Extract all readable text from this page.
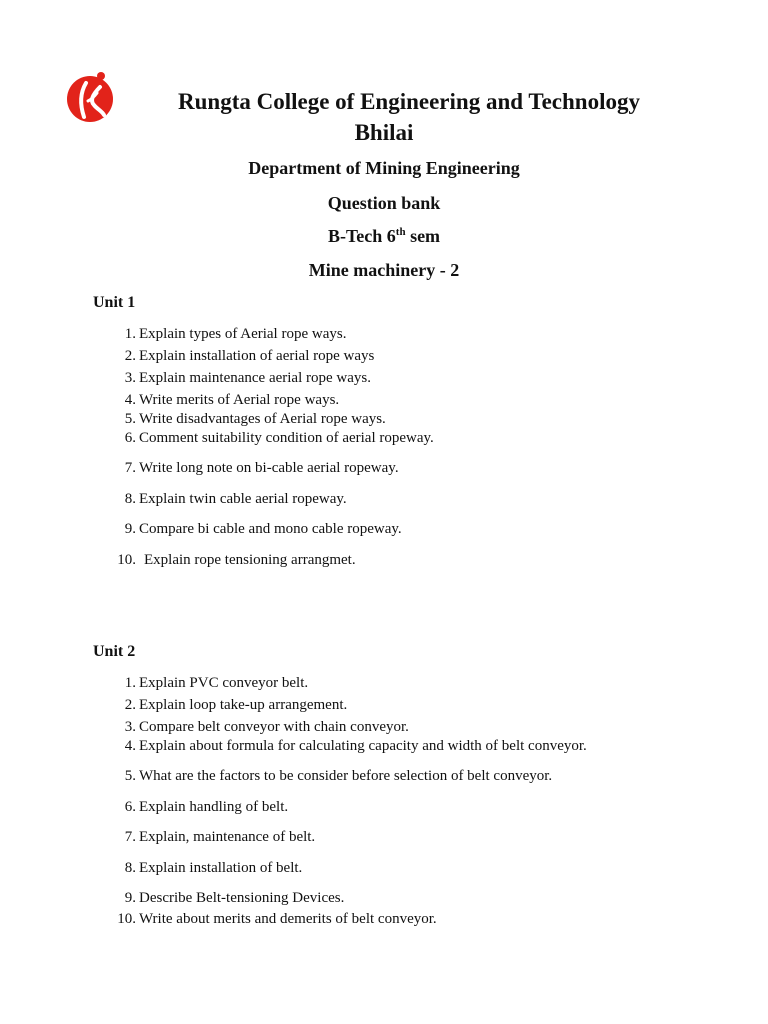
Rungta College of Engineering and Technology
Bhilai
Department of Mining Engineering
Question bank
B-Tech 6th sem
Mine machinery - 2
Unit 1
1. Explain types of Aerial rope ways.
2. Explain installation of aerial rope ways
3. Explain maintenance aerial rope ways.
4. Write merits of Aerial rope ways.
5. Write disadvantages of Aerial rope ways.
6. Comment suitability condition of aerial ropeway.
7. Write long note on bi-cable aerial ropeway.
8. Explain twin cable aerial ropeway.
9. Compare bi cable and mono cable ropeway.
10. Explain rope tensioning arrangmet.
Unit 2
1. Explain PVC conveyor belt.
2. Explain loop take-up arrangement.
3. Compare belt conveyor with chain conveyor.
4. Explain about formula for calculating capacity and width of belt conveyor.
5. What are the factors to be consider before selection of belt conveyor.
6. Explain handling of belt.
7. Explain, maintenance of belt.
8. Explain installation of belt.
9. Describe Belt-tensioning Devices.
10. Write about merits and demerits of belt conveyor.
